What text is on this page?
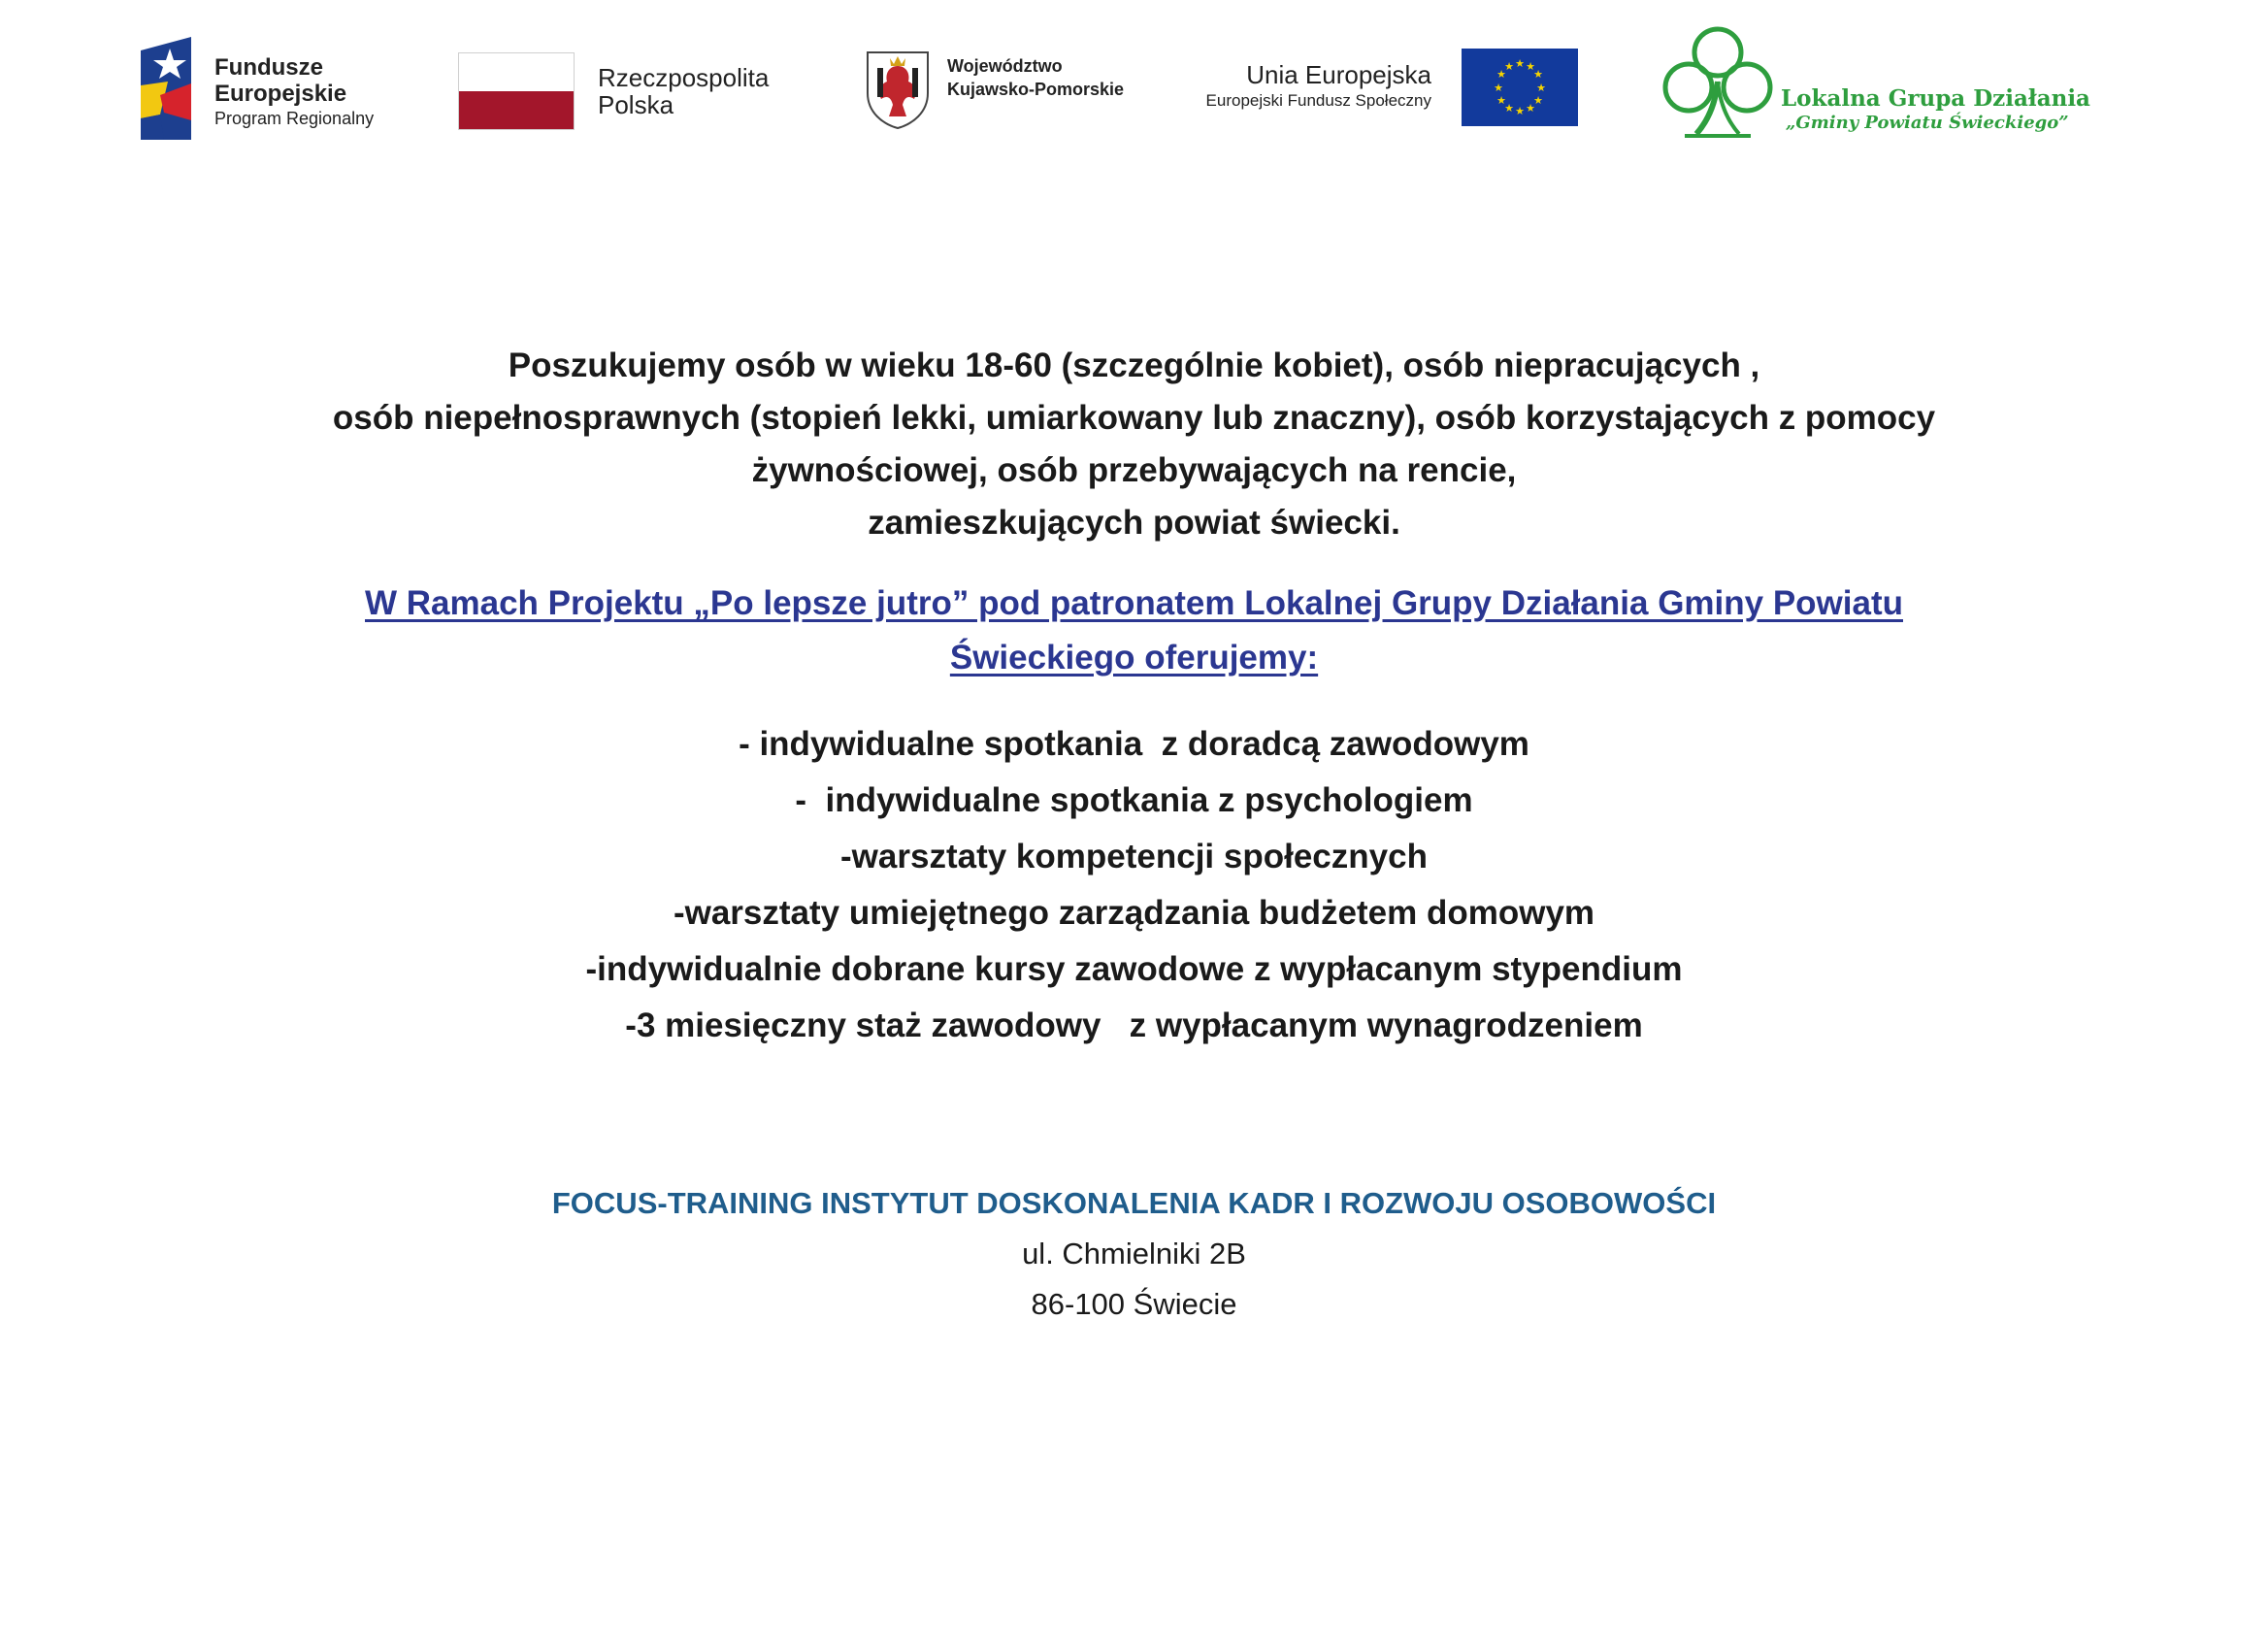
Fundusze
Europejskie
Program Regionalny
Rzeczpospolita
Polska
Województwo
Kujawsko-Pomorskie	Unia Europejska
Europejski Fundusz Społeczny
★ ★
★
★
★
★
★
★
★
★
★
★
Lokalna Grupa Działania
„Gminy Powiatu Świeckiego”

Poszukujemy osób w wieku 18-60 (szczególnie kobiet), osób niepracujących ,

osób niepełnosprawnych (stopień lekki, umiarkowany lub znaczny), osób korzystających z pomocy

żywnościowej, osób przebywających na rencie,

zamieszkujących powiat świecki.

W Ramach Projektu „Po lepsze jutro” pod patronatem Lokalnej Grupy Działania Gminy Powiatu

Świeckiego oferujemy:

- indywidualne spotkania  z doradcą zawodowym

-  indywidualne spotkania z psychologiem

-warsztaty kompetencji społecznych

-warsztaty umiejętnego zarządzania budżetem domowym

-indywidualnie dobrane kursy zawodowe z wypłacanym stypendium

-3 miesięczny staż zawodowy   z wypłacanym wynagrodzeniem

FOCUS-TRAINING INSTYTUT DOSKONALENIA KADR I ROZWOJU OSOBOWOŚCI

ul. Chmielniki 2B

86-100 Świecie
